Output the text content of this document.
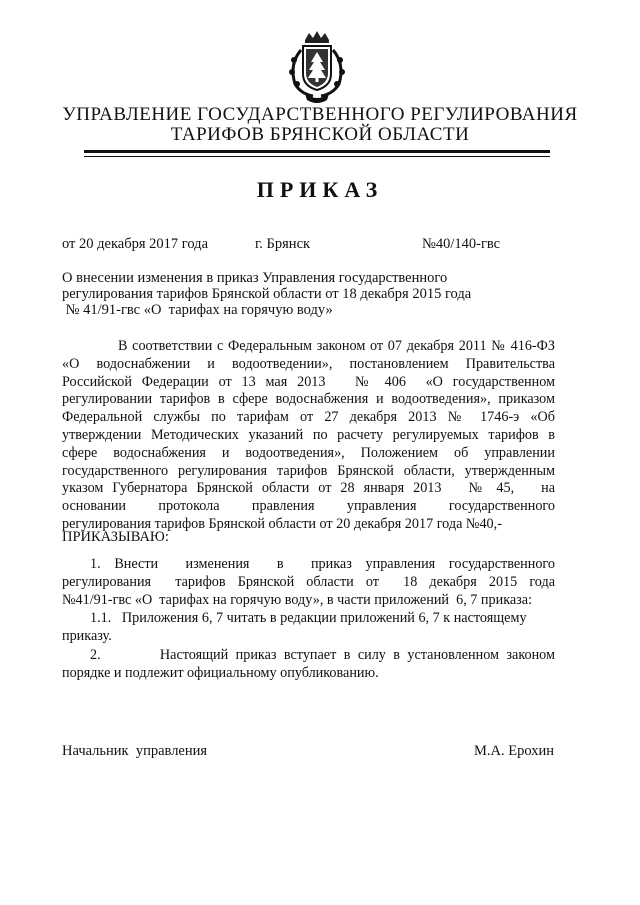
УПРАВЛЕНИЕ ГОСУДАРСТВЕННОГО РЕГУЛИРОВАНИЯ
ТАРИФОВ БРЯНСКОЙ ОБЛАСТИ
ПРИКАЗ
от 20 декабря 2017 года	г. Брянск	№40/140-гвс
О внесении изменения в приказ Управления государственного
регулирования тарифов Брянской области от 18 декабря 2015 года
№ 41/91-гвс «О  тарифах на горячую воду»
В соответствии с Федеральным законом от 07 декабря 2011 № 416-ФЗ
«О водоснабжении и водоотведении», постановлением Правительства
Российской Федерации от 13 мая 2013   № 406  «О государственном
регулировании тарифов в сфере водоснабжения и водоотведения», приказом
Федеральной службы по тарифам от 27 декабря 2013 № 1746-э «Об
утверждении Методических указаний по расчету регулируемых тарифов в
сфере водоснабжения и водоотведения», Положением об управлении
государственного регулирования тарифов Брянской области, утвержденным
указом Губернатора Брянской области от 28 января 2013   № 45,   на
основании протокола правления управления государственного
регулирования тарифов Брянской области от 20 декабря 2017 года №40,-
ПРИКАЗЫВАЮ:
1. Внести  изменения  в  приказ управления государственного
регулирования  тарифов Брянской области от  18 декабря 2015 года
№41/91-гвс «О  тарифах на горячую воду», в части приложений  6, 7 приказа:
1.1.   Приложения 6, 7 читать в редакции приложений 6, 7 к настоящему
приказу.
2.        Настоящий приказ вступает в силу в установленном законом
порядке и подлежит официальному опубликованию.
Начальник  управления	М.А. Ерохин
